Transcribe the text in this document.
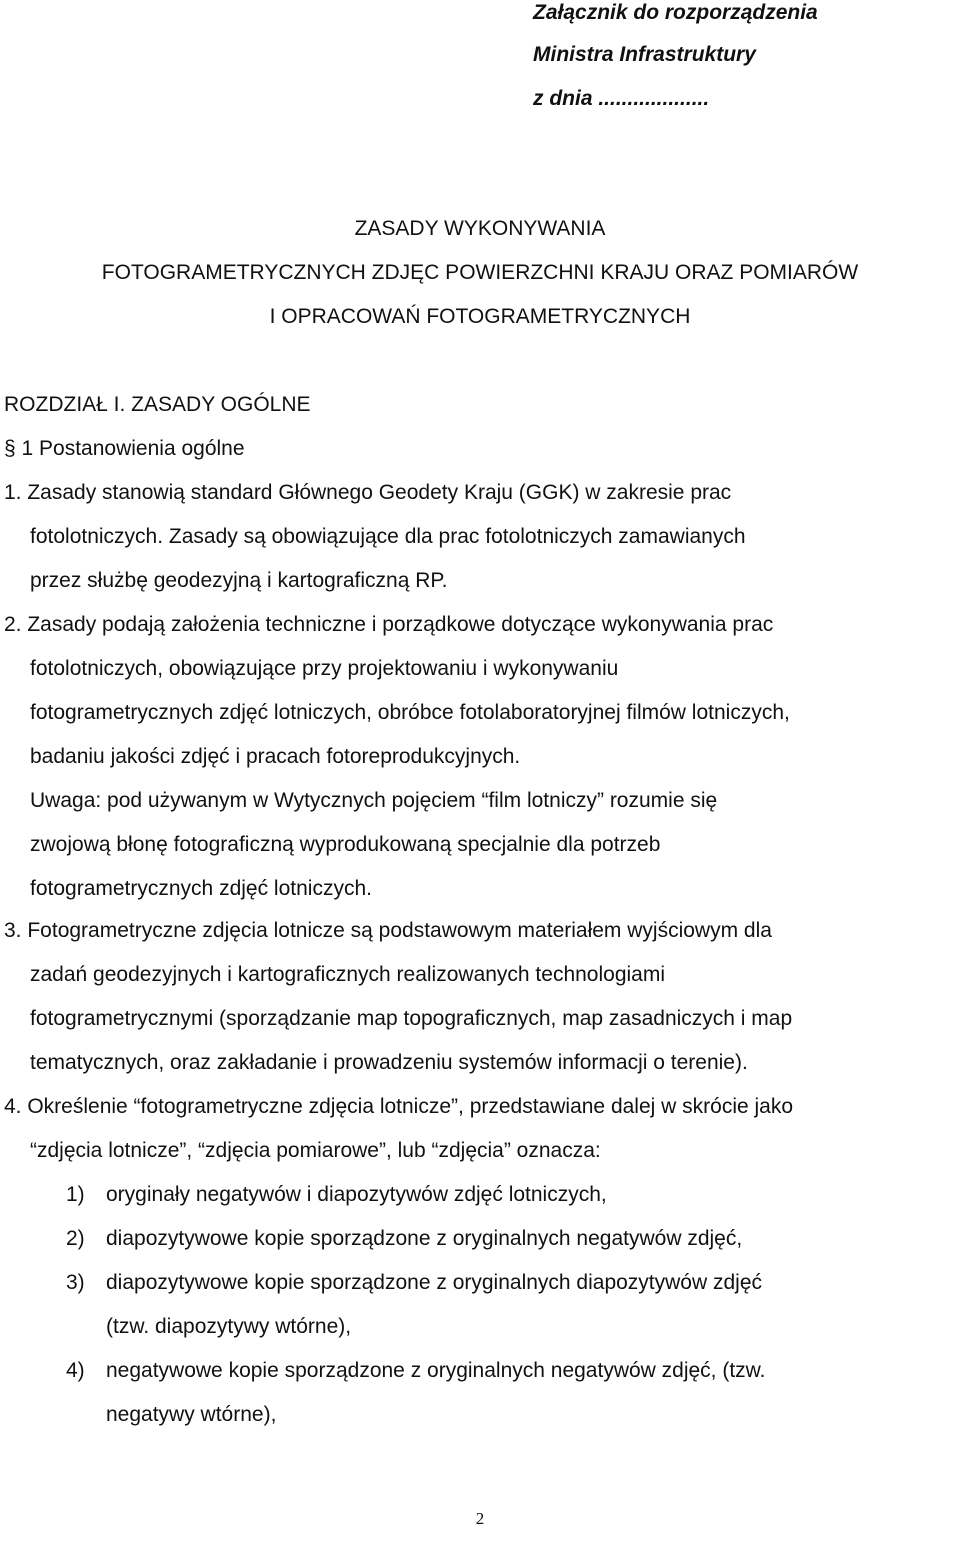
Załącznik do rozporządzenia
Ministra Infrastruktury
z dnia ...................
ZASADY WYKONYWANIA
FOTOGRAMETRYCZNYCH ZDJĘC POWIERZCHNI KRAJU ORAZ POMIARÓW
I OPRACOWAŃ FOTOGRAMETRYCZNYCH
ROZDZIAŁ I. ZASADY OGÓLNE
§ 1 Postanowienia ogólne
1. Zasady stanowią standard Głównego Geodety Kraju (GGK) w zakresie prac
fotolotniczych. Zasady są obowiązujące dla prac fotolotniczych zamawianych
przez służbę geodezyjną i kartograficzną RP.
2. Zasady podają założenia techniczne i porządkowe dotyczące wykonywania prac
fotolotniczych, obowiązujące przy projektowaniu i wykonywaniu
fotogrametrycznych zdjęć lotniczych, obróbce fotolaboratoryjnej filmów lotniczych,
badaniu jakości zdjęć i pracach fotoreprodukcyjnych.
Uwaga: pod używanym w Wytycznych pojęciem “film lotniczy” rozumie się
zwojową błonę fotograficzną wyprodukowaną specjalnie dla potrzeb
fotogrametrycznych zdjęć lotniczych.
3. Fotogrametryczne zdjęcia lotnicze są podstawowym materiałem wyjściowym dla
zadań geodezyjnych i kartograficznych realizowanych technologiami
fotogrametrycznymi (sporządzanie map topograficznych, map zasadniczych i map
tematycznych, oraz zakładanie i prowadzeniu systemów informacji o terenie).
4. Określenie “fotogrametryczne zdjęcia lotnicze”, przedstawiane dalej w skrócie jako
“zdjęcia lotnicze”, “zdjęcia pomiarowe”, lub “zdjęcia” oznacza:
1) oryginały negatywów i diapozytywów zdjęć lotniczych,
2) diapozytywowe kopie sporządzone z oryginalnych negatywów zdjęć,
3) diapozytywowe kopie sporządzone z oryginalnych diapozytywów zdjęć
(tzw. diapozytywy wtórne),
4) negatywowe kopie sporządzone z oryginalnych negatywów zdjęć, (tzw.
negatywy wtórne),
2
